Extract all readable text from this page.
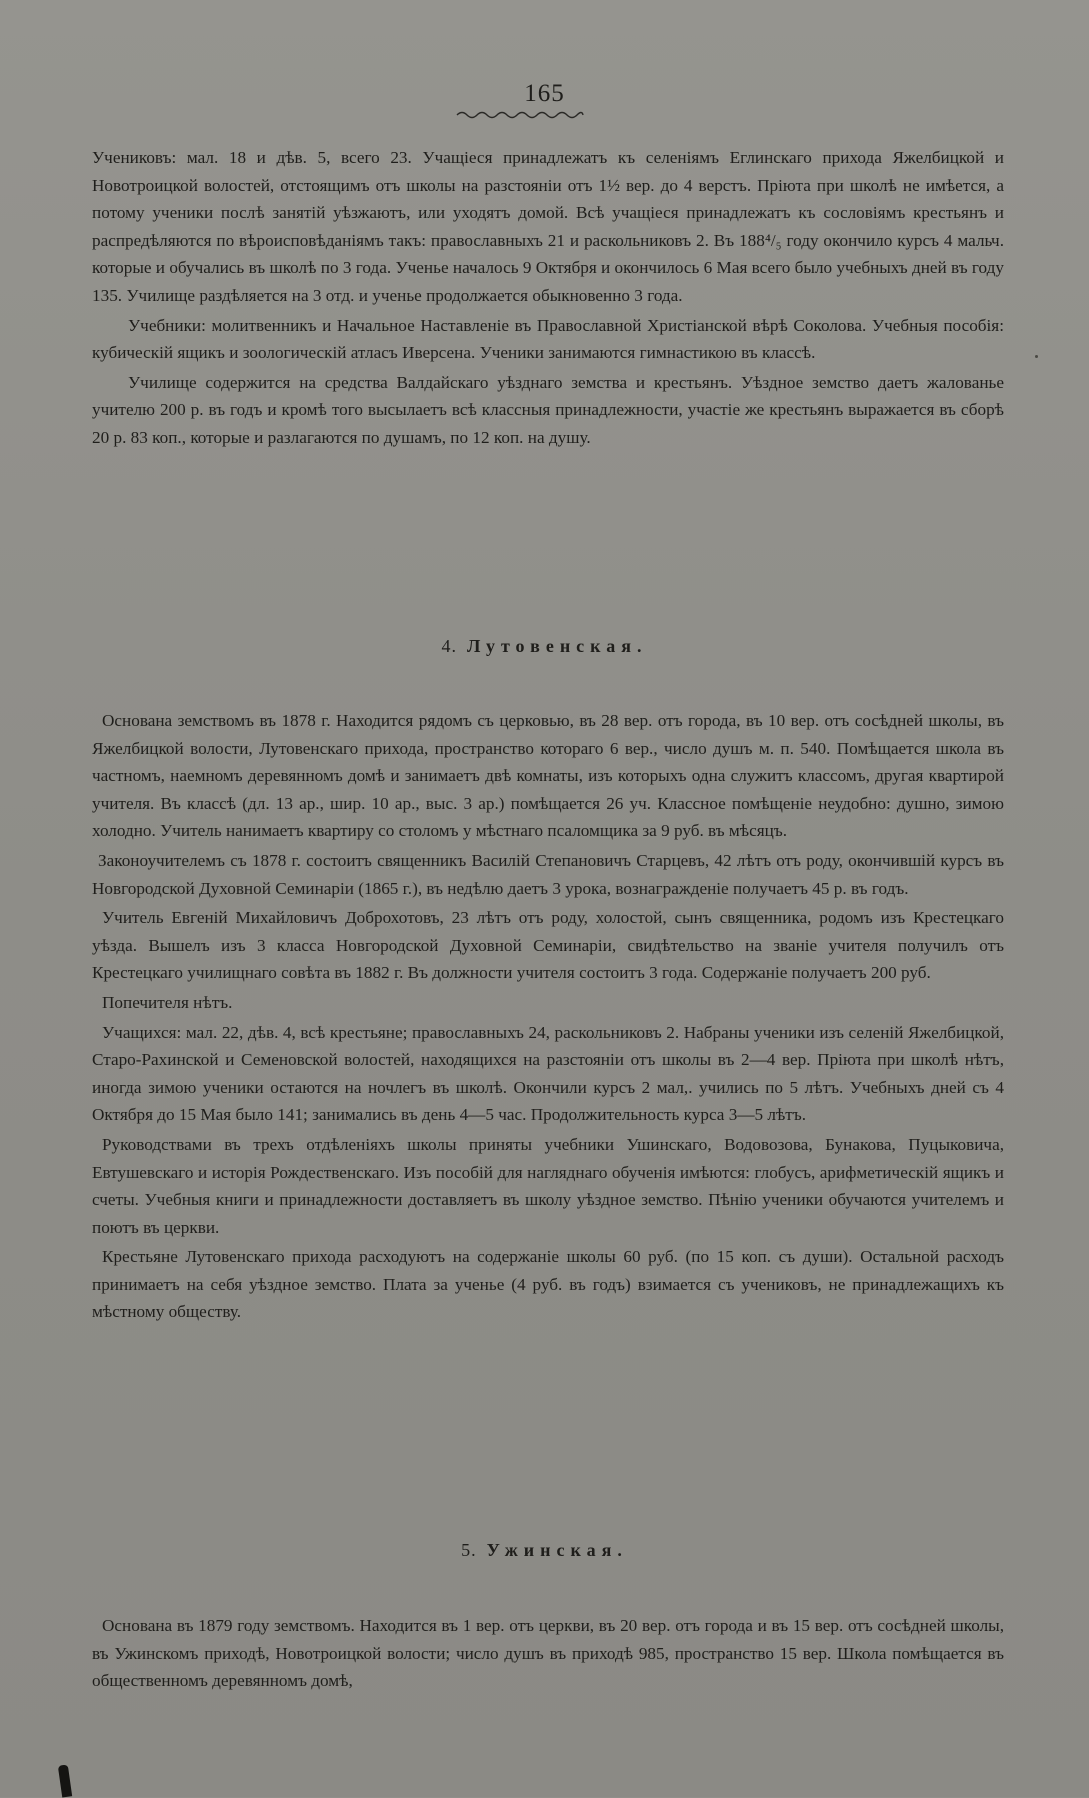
165

Учениковъ: мал. 18 и дѣв. 5, всего 23. Учащіеся принадлежатъ къ селеніямъ Еглинскаго прихода Яжелбицкой и Новотроицкой волостей, отстоящимъ отъ школы на разстояніи отъ 1½ вер. до 4 верстъ. Пріюта при школѣ не имѣется, а потому ученики послѣ занятій уѣзжаютъ, или уходятъ домой. Всѣ учащіеся принадлежатъ къ сословіямъ крестьянъ и распредѣляются по вѣроисповѣданіямъ такъ: православныхъ 21 и раскольниковъ 2. Въ 188⁴/₅ году окончило курсъ 4 мальч. которые и обучались въ школѣ по 3 года. Ученье началось 9 Октября и окончилось 6 Мая всего было учебныхъ дней въ году 135. Училище раздѣляется на 3 отд. и ученье продолжается обыкновенно 3 года.

Учебники: молитвенникъ и Начальное Наставленіе въ Православной Христіанской вѣрѣ Соколова. Учебныя пособія: кубическій ящикъ и зоологическій атласъ Иверсена. Ученики занимаются гимнастикою въ классѣ.

Училище содержится на средства Валдайскаго уѣзднаго земства и крестьянъ. Уѣздное земство даетъ жалованье учителю 200 р. въ годъ и кромѣ того высылаетъ всѣ классныя принадлежности, участіе же крестьянъ выражается въ сборѣ 20 р. 83 коп., которые и разлагаются по душамъ, по 12 коп. на душу.

4. Лутовенская.

Основана земствомъ въ 1878 г. Находится рядомъ съ церковью, въ 28 вер. отъ города, въ 10 вер. отъ сосѣдней школы, въ Яжелбицкой волости, Лутовенскаго прихода, пространство котораго 6 вер., число душъ м. п. 540. Помѣщается школа въ частномъ, наемномъ деревянномъ домѣ и занимаетъ двѣ комнаты, изъ которыхъ одна служитъ классомъ, другая квартирой учителя. Въ классѣ (дл. 13 ар., шир. 10 ар., выс. 3 ар.) помѣщается 26 уч. Классное помѣщеніе неудобно: душно, зимою холодно. Учитель нанимаетъ квартиру со столомъ у мѣстнаго псаломщика за 9 руб. въ мѣсяцъ.

Законоучителемъ съ 1878 г. состоитъ священникъ Василій Степановичъ Старцевъ, 42 лѣтъ отъ роду, окончившій курсъ въ Новгородской Духовной Семинаріи (1865 г.), въ недѣлю даетъ 3 урока, вознагражденіе получаетъ 45 р. въ годъ.

Учитель Евгеній Михайловичъ Доброхотовъ, 23 лѣтъ отъ роду, холостой, сынъ священника, родомъ изъ Крестецкаго уѣзда. Вышелъ изъ 3 класса Новгородской Духовной Семинаріи, свидѣтельство на званіе учителя получилъ отъ Крестецкаго училищнаго совѣта въ 1882 г. Въ должности учителя состоитъ 3 года. Содержаніе получаетъ 200 руб.

Попечителя нѣтъ.

Учащихся: мал. 22, дѣв. 4, всѣ крестьяне; православныхъ 24, раскольниковъ 2. Набраны ученики изъ селеній Яжелбицкой, Старо-Рахинской и Семеновской волостей, находящихся на разстояніи отъ школы въ 2—4 вер. Пріюта при школѣ нѣтъ, иногда зимою ученики остаются на ночлегъ въ школѣ. Окончили курсъ 2 мал,. учились по 5 лѣтъ. Учебныхъ дней съ 4 Октября до 15 Мая было 141; занимались въ день 4—5 час. Продолжительность курса 3—5 лѣтъ.

Руководствами въ трехъ отдѣленіяхъ школы приняты учебники Ушинскаго, Водовозова, Бунакова, Пуцыковича, Евтушевскаго и исторія Рождественскаго. Изъ пособій для нагляднаго обученія имѣются: глобусъ, арифметическій ящикъ и счеты. Учебныя книги и принадлежности доставляетъ въ школу уѣздное земство. Пѣнію ученики обучаются учителемъ и поютъ въ церкви.

Крестьяне Лутовенскаго прихода расходуютъ на содержаніе школы 60 руб. (по 15 коп. съ души). Остальной расходъ принимаетъ на себя уѣздное земство. Плата за ученье (4 руб. въ годъ) взимается съ учениковъ, не принадлежащихъ къ мѣстному обществу.

5. Ужинская.

Основана въ 1879 году земствомъ. Находится въ 1 вер. отъ церкви, въ 20 вер. отъ города и въ 15 вер. отъ сосѣдней школы, въ Ужинскомъ приходѣ, Новотроицкой волости; число душъ въ приходѣ 985, пространство 15 вер. Школа помѣщается въ общественномъ деревянномъ домѣ,
